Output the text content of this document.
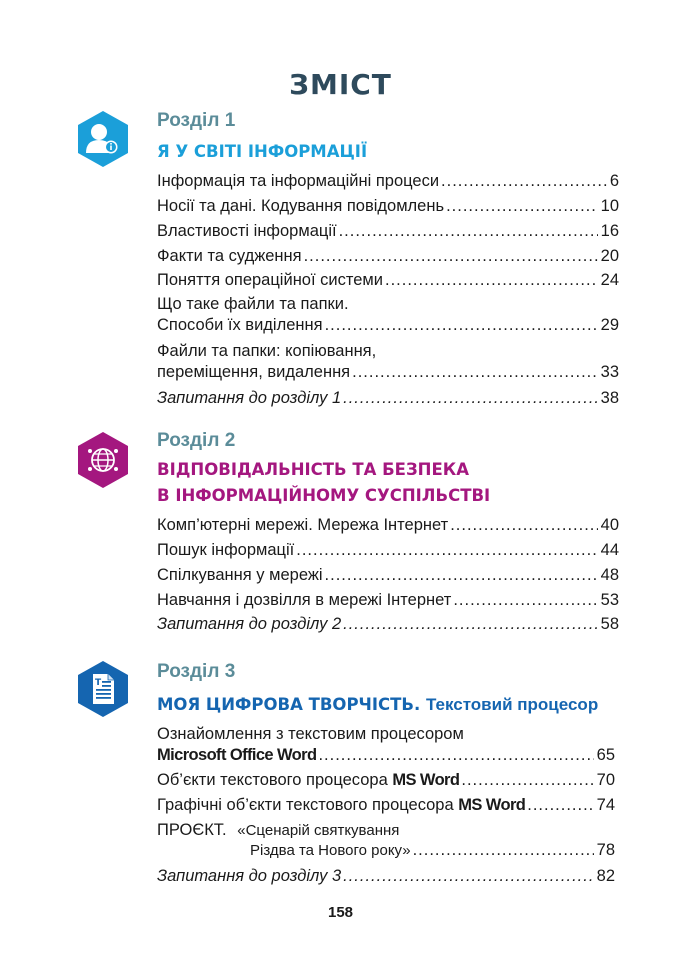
ЗМІСТ
Розділ 1
Я У СВІТІ ІНФОРМАЦІЇ
Інформація та інформаційні процеси .....	6
Носії та дані. Кодування повідомлень .....	10
Властивості інформації .....	16
Факти та судження .....	20
Поняття операційної системи .....	24
Що таке файли та папки.
Способи їх виділення .....	29
Файли та папки: копіювання,
переміщення, видалення .....	33
Запитання до розділу 1 .....	38
Розділ 2
ВІДПОВІДАЛЬНІСТЬ ТА БЕЗПЕКА
В ІНФОРМАЦІЙНОМУ СУСПІЛЬСТВІ
Комп’ютерні мережі. Мережа Інтернет .....	40
Пошук інформації .....	44
Спілкування у мережі .....	48
Навчання і дозвілля в мережі Інтернет .....	53
Запитання до розділу 2 .....	58
T
Розділ 3
МОЯ ЦИФРОВА ТВОРЧІСТЬ. Текстовий процесор
Ознайомлення з текстовим процесором
Microsoft Office Word .....	65
Об’єкти текстового процесора MS Word .....	70
Графічні об’єкти текстового процесора MS Word .....	74
ПРОЄКТ. «Сценарій святкування
Різдва та Нового року» .....	78
Запитання до розділу 3 .....	82
158
